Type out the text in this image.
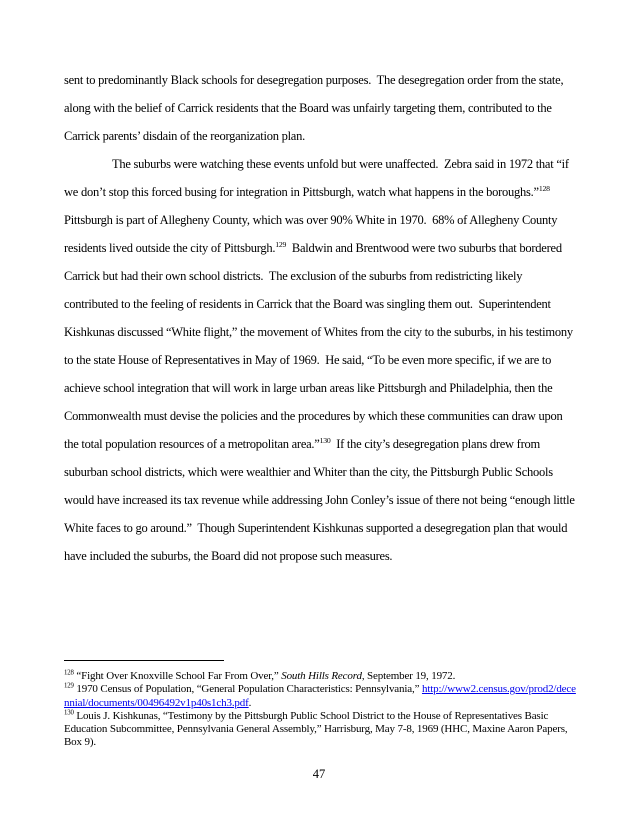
sent to predominantly Black schools for desegregation purposes.  The desegregation order from the state, along with the belief of Carrick residents that the Board was unfairly targeting them, contributed to the Carrick parents’ disdain of the reorganization plan.

The suburbs were watching these events unfold but were unaffected.  Zebra said in 1972 that “if we don’t stop this forced busing for integration in Pittsburgh, watch what happens in the boroughs.”$^{128}$  Pittsburgh is part of Allegheny County, which was over 90% White in 1970.  68% of Allegheny County residents lived outside the city of Pittsburgh.$^{129}$  Baldwin and Brentwood were two suburbs that bordered Carrick but had their own school districts.  The exclusion of the suburbs from redistricting likely contributed to the feeling of residents in Carrick that the Board was singling them out.  Superintendent Kishkunas discussed “White flight,” the movement of Whites from the city to the suburbs, in his testimony to the state House of Representatives in May of 1969.  He said, “To be even more specific, if we are to achieve school integration that will work in large urban areas like Pittsburgh and Philadelphia, then the Commonwealth must devise the policies and the procedures by which these communities can draw upon the total population resources of a metropolitan area.”$^{130}$  If the city’s desegregation plans drew from suburban school districts, which were wealthier and Whiter than the city, the Pittsburgh Public Schools would have increased its tax revenue while addressing John Conley’s issue of there not being “enough little White faces to go around.”  Though Superintendent Kishkunas supported a desegregation plan that would have included the suburbs, the Board did not propose such measures.

$^{128}$ “Fight Over Knoxville School Far From Over,” South Hills Record, September 19, 1972.

$^{129}$ 1970 Census of Population, “General Population Characteristics: Pennsylvania,” http://www2.census.gov/prod2/decennial/documents/00496492v1p40s1ch3.pdf.

$^{130}$ Louis J. Kishkunas, “Testimony by the Pittsburgh Public School District to the House of Representatives Basic Education Subcommittee, Pennsylvania General Assembly,” Harrisburg, May 7-8, 1969 (HHC, Maxine Aaron Papers, Box 9).

47
